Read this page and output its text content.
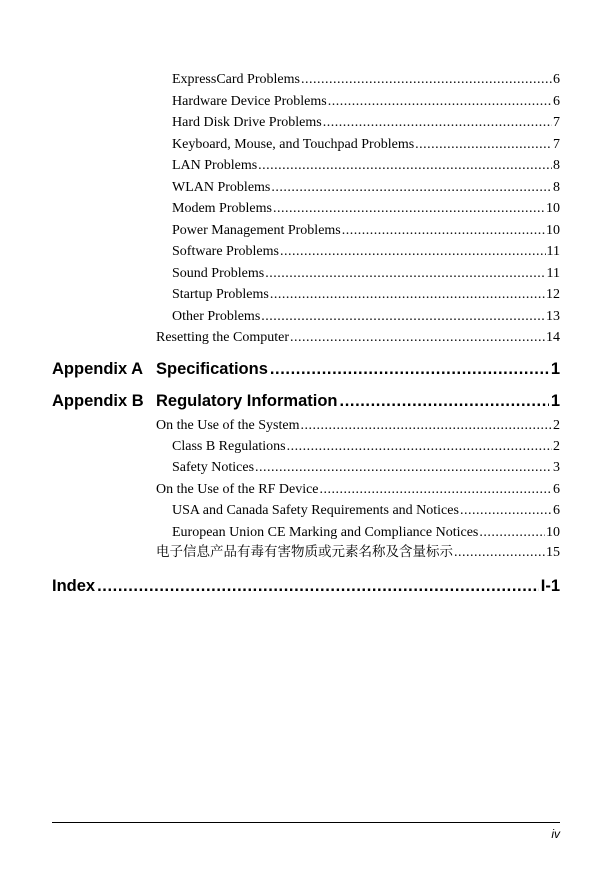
ExpressCard Problems .....	6
Hardware Device Problems .....	6
Hard Disk Drive Problems .....	7
Keyboard, Mouse, and Touchpad Problems .....	7
LAN Problems .....	8
WLAN Problems .....	8
Modem Problems .....	10
Power Management Problems .....	10
Software Problems .....	11
Sound Problems .....	11
Startup Problems .....	12
Other Problems .....	13
Resetting the Computer .....	14
Appendix A Specifications .....	1
Appendix B Regulatory Information .....	1
On the Use of the System .....	2
Class B Regulations .....	2
Safety Notices .....	3
On the Use of the RF Device .....	6
USA and Canada Safety Requirements and Notices .....	6
European Union CE Marking and Compliance Notices .....	10
电子信息产品有毒有害物质或元素名称及含量标示 .....	15
Index .....	I-1
iv
